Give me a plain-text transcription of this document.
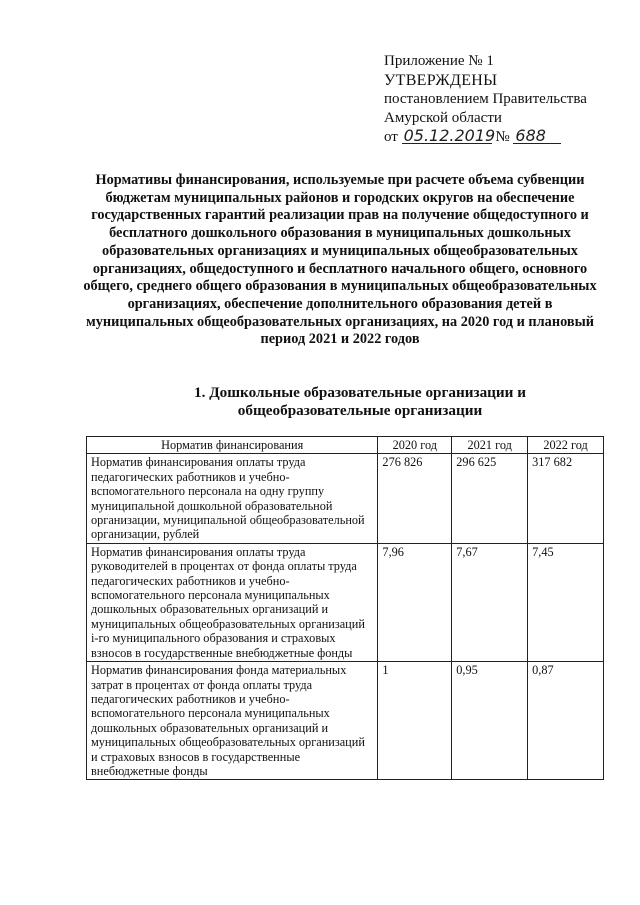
Приложение № 1
УТВЕРЖДЕНЫ
постановлением Правительства
Амурской области
от 05.12.2019 № 688
Нормативы финансирования, используемые при расчете объема субвенции бюджетам муниципальных районов и городских округов на обеспечение государственных гарантий реализации прав на получение общедоступного и бесплатного дошкольного образования в муниципальных дошкольных образовательных организациях и муниципальных общеобразовательных организациях, общедоступного и бесплатного начального общего, основного общего, среднего общего образования в муниципальных общеобразовательных организациях, обеспечение дополнительного образования детей в муниципальных общеобразовательных организациях, на 2020 год и плановый период 2021 и 2022 годов
1. Дошкольные образовательные организации и общеобразовательные организации
Норматив финансирования	2020 год	2021 год	2022 год
Норматив финансирования оплаты труда педагогических работников и учебно-вспомогательного персонала на одну группу муниципальной дошкольной образовательной организации, муниципальной общеобразовательной организации, рублей	276 826	296 625	317 682
Норматив финансирования оплаты труда руководителей в процентах от фонда оплаты труда педагогических работников и учебно-вспомогательного персонала муниципальных дошкольных образовательных организаций и муниципальных общеобразовательных организаций i-го муниципального образования и страховых взносов в государственные внебюджетные фонды	7,96	7,67	7,45
Норматив финансирования фонда материальных затрат в процентах от фонда оплаты труда педагогических работников и учебно-вспомогательного персонала муниципальных дошкольных образовательных организаций и муниципальных общеобразовательных организаций и страховых взносов в государственные внебюджетные фонды	1	0,95	0,87
